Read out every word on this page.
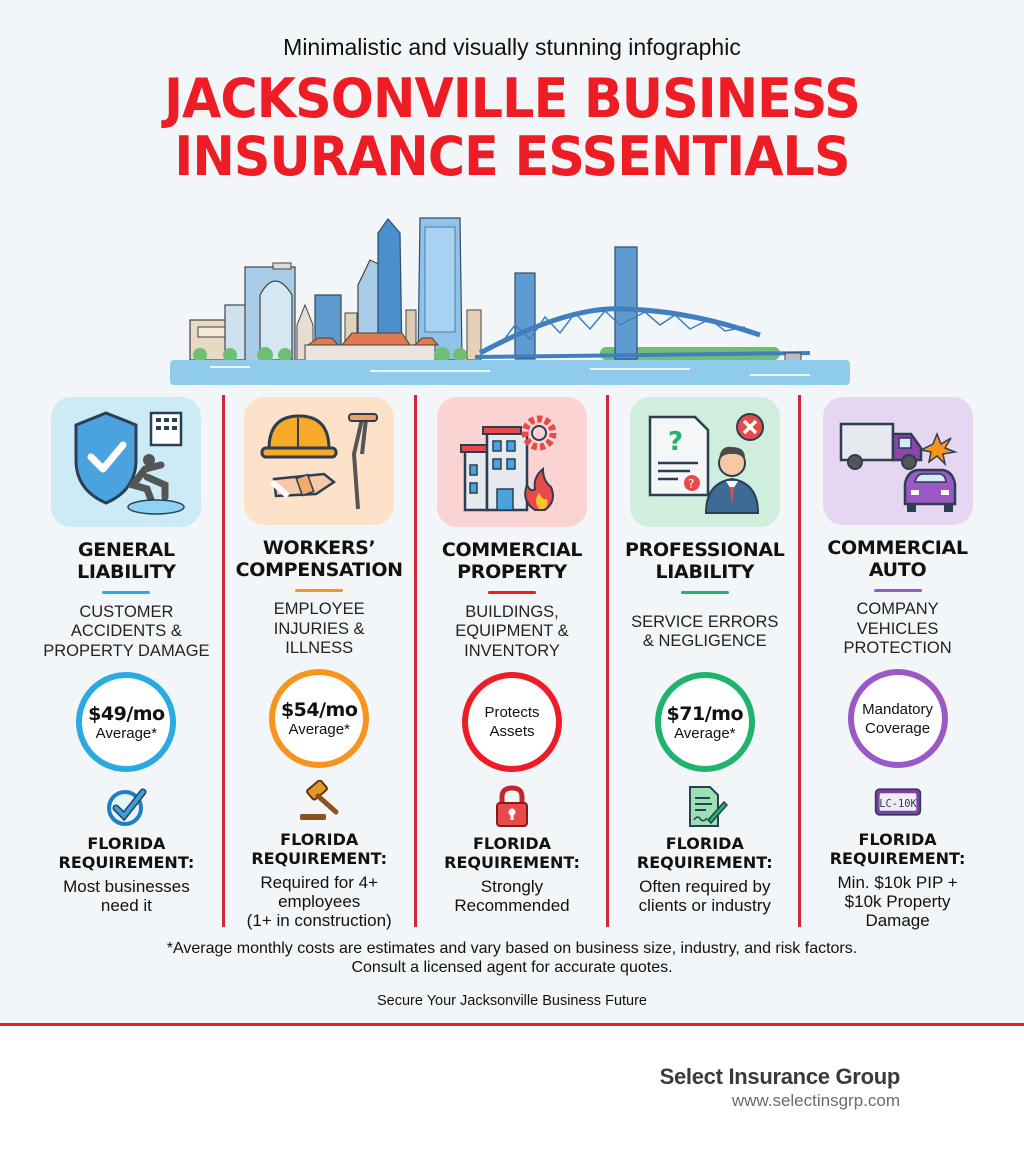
Minimalistic and visually stunning infographic
JACKSONVILLE BUSINESS
INSURANCE ESSENTIALS
GENERAL
LIABILITY
CUSTOMER
ACCIDENTS &
PROPERTY DAMAGE
$49/mo
Average*
FLORIDA
REQUIREMENT:
Most businesses
need it
WORKERS’
COMPENSATION
EMPLOYEE
INJURIES &
ILLNESS
$54/mo
Average*
FLORIDA
REQUIREMENT:
Required for 4+
employees
(1+ in construction)
COMMERCIAL
PROPERTY
BUILDINGS,
EQUIPMENT &
INVENTORY
Protects
Assets
FLORIDA
REQUIREMENT:
Strongly
Recommended
?
?
PROFESSIONAL
LIABILITY
SERVICE ERRORS
& NEGLIGENCE
$71/mo
Average*
FLORIDA
REQUIREMENT:
Often required by
clients or industry
COMMERCIAL
AUTO
COMPANY
VEHICLES
PROTECTION
Mandatory
Coverage
LC-10K
FLORIDA
REQUIREMENT:
Min. $10k PIP +
$10k Property
Damage
*Average monthly costs are estimates and vary based on business size, industry, and risk factors.
Consult a licensed agent for accurate quotes.
Secure Your Jacksonville Business Future
Select Insurance Group
www.selectinsgrp.com
